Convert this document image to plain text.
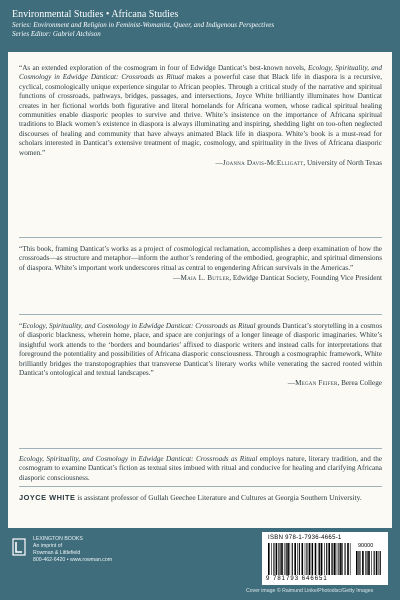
Environmental Studies • Africana Studies
Series: Environment and Religion in Feminist-Womanist, Queer, and Indigenous Perspectives
Series Editor: Gabriel Atchison
“As an extended exploration of the cosmogram in four of Edwidge Danticat’s best-known novels, Ecology, Spirituality, and Cosmology in Edwidge Danticat: Crossroads as Ritual makes a powerful case that Black life in diaspora is a recursive, cyclical, cosmologically unique experience singular to African peoples. Through a critical study of the narrative and spiritual functions of crossroads, pathways, bridges, passages, and intersections, Joyce White brilliantly illuminates how Danticat creates in her fictional worlds both figurative and literal homelands for Africana women, whose radical spiritual healing communities enable diasporic peoples to survive and thrive. White’s insistence on the importance of Africana spiritual traditions to Black women’s existence in diaspora is always illuminating and inspiring, shedding light on too-often neglected discourses of healing and community that have always animated Black life in diaspora. White’s book is a must-read for scholars interested in Danticat’s extensive treatment of magic, cosmology, and spirituality in the lives of Africana diasporic women.”
—Joanna Davis-McElligatt, University of North Texas
“This book, framing Danticat’s works as a project of cosmological reclamation, accomplishes a deep examination of how the crossroads—as structure and metaphor—inform the author’s rendering of the embodied, geographic, and spiritual dimensions of diaspora. White’s important work underscores ritual as central to engendering African survivals in the Americas.”
—Maia L. Butler, Edwidge Danticat Society, Founding Vice President
“Ecology, Spirituality, and Cosmology in Edwidge Danticat: Crossroads as Ritual grounds Danticat’s storytelling in a cosmos of diasporic blackness, wherein home, place, and space are conjurings of a longer lineage of diasporic imaginaries. White’s insightful work attends to the ‘borders and boundaries’ affixed to diasporic writers and instead calls for interpretations that foreground the potentiality and possibilities of Africana diasporic consciousness. Through a cosmographic framework, White brilliantly bridges the transtopographies that transverse Danticat’s literary works while venerating the sacred rooted within Danticat’s ontological and textual landscapes.”
—Megan Feifer, Berea College
Ecology, Spirituality, and Cosmology in Edwidge Danticat: Crossroads as Ritual employs nature, literary tradition, and the cosmogram to examine Danticat’s fiction as textual sites imbued with ritual and conducive for healing and clarifying Africana diasporic consciousness.
JOYCE WHITE is assistant professor of Gullah Geechee Literature and Cultures at Georgia Southern University.
LEXINGTON BOOKS
An imprint of
Rowman & Littlefield
800-462-6420 • www.rowman.com
ISBN 978-1-7936-4665-1
90000
9 781793 646651
Cover image © Raimund Linke/Photodisc/Getty Images
